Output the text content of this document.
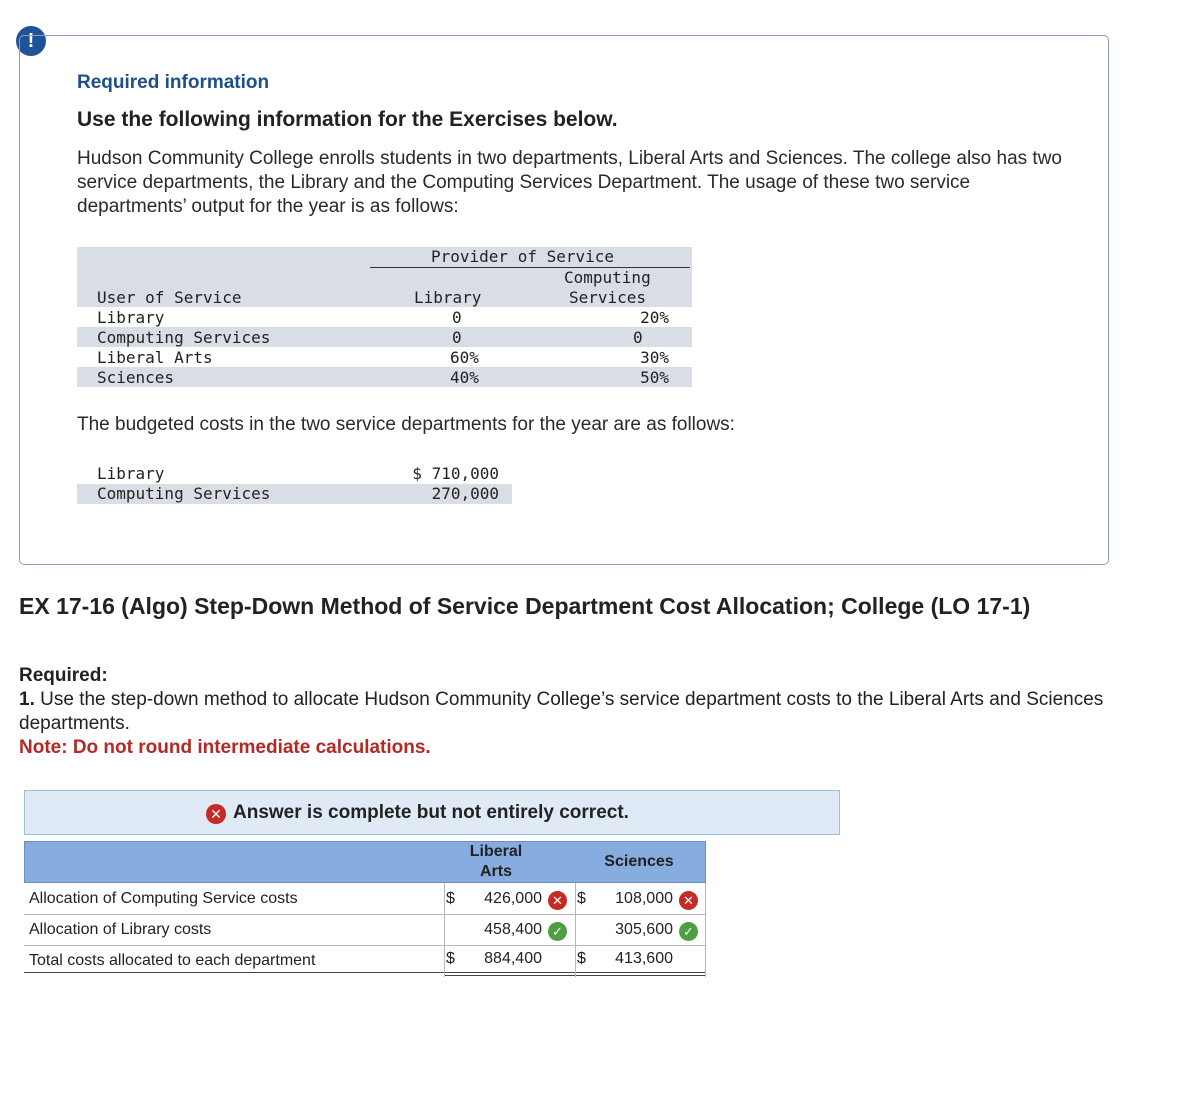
!
Required information
Use the following information for the Exercises below.
Hudson Community College enrolls students in two departments, Liberal Arts and Sciences. The college also has two service departments, the Library and the Computing Services Department. The usage of these two service departments’ output for the year is as follows:
Provider of Service
Computing
User of Service	Library	Services
Library	0	20%
Computing Services	0	0
Liberal Arts	60%	30%
Sciences	40%	50%
The budgeted costs in the two service departments for the year are as follows:
Library	$ 710,000
Computing Services	270,000
EX 17-16 (Algo) Step-Down Method of Service Department Cost Allocation; College (LO 17-1)
Required:
1. Use the step-down method to allocate Hudson Community College’s service department costs to the Liberal Arts and Sciences departments.
Note: Do not round intermediate calculations.
✕ Answer is complete but not entirely correct.
Liberal
Arts
Sciences
Allocation of Computing Service costs	$	426,000 ✕ $	108,000 ✕
Allocation of Library costs	458,400 ✓	305,600 ✓
Total costs allocated to each department	$	884,400 $	413,600
